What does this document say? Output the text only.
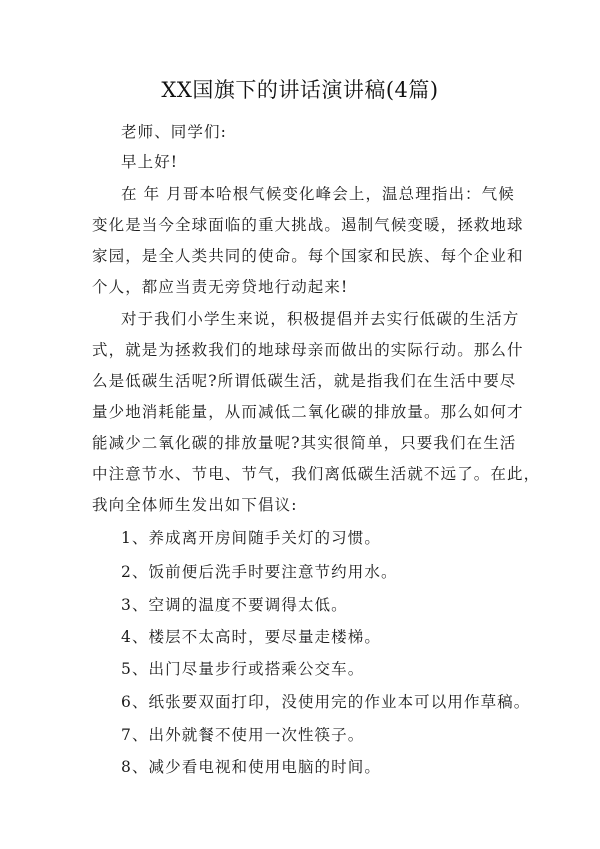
XX国旗下的讲话演讲稿(4篇)
老师、同学们:
早上好!
在 年 月哥本哈根气候变化峰会上，温总理指出：气候
变化是当今全球面临的重大挑战。遏制气候变暖，拯救地球
家园，是全人类共同的使命。每个国家和民族、每个企业和
个人，都应当责无旁贷地行动起来!
对于我们小学生来说，积极提倡并去实行低碳的生活方
式，就是为拯救我们的地球母亲而做出的实际行动。那么什
么是低碳生活呢?所谓低碳生活，就是指我们在生活中要尽
量少地消耗能量，从而减低二氧化碳的排放量。那么如何才
能减少二氧化碳的排放量呢?其实很简单，只要我们在生活
中注意节水、节电、节气，我们离低碳生活就不远了。在此，
我向全体师生发出如下倡议:
1、养成离开房间随手关灯的习惯。
2、饭前便后洗手时要注意节约用水。
3、空调的温度不要调得太低。
4、楼层不太高时，要尽量走楼梯。
5、出门尽量步行或搭乘公交车。
6、纸张要双面打印，没使用完的作业本可以用作草稿。
7、出外就餐不使用一次性筷子。
8、减少看电视和使用电脑的时间。
